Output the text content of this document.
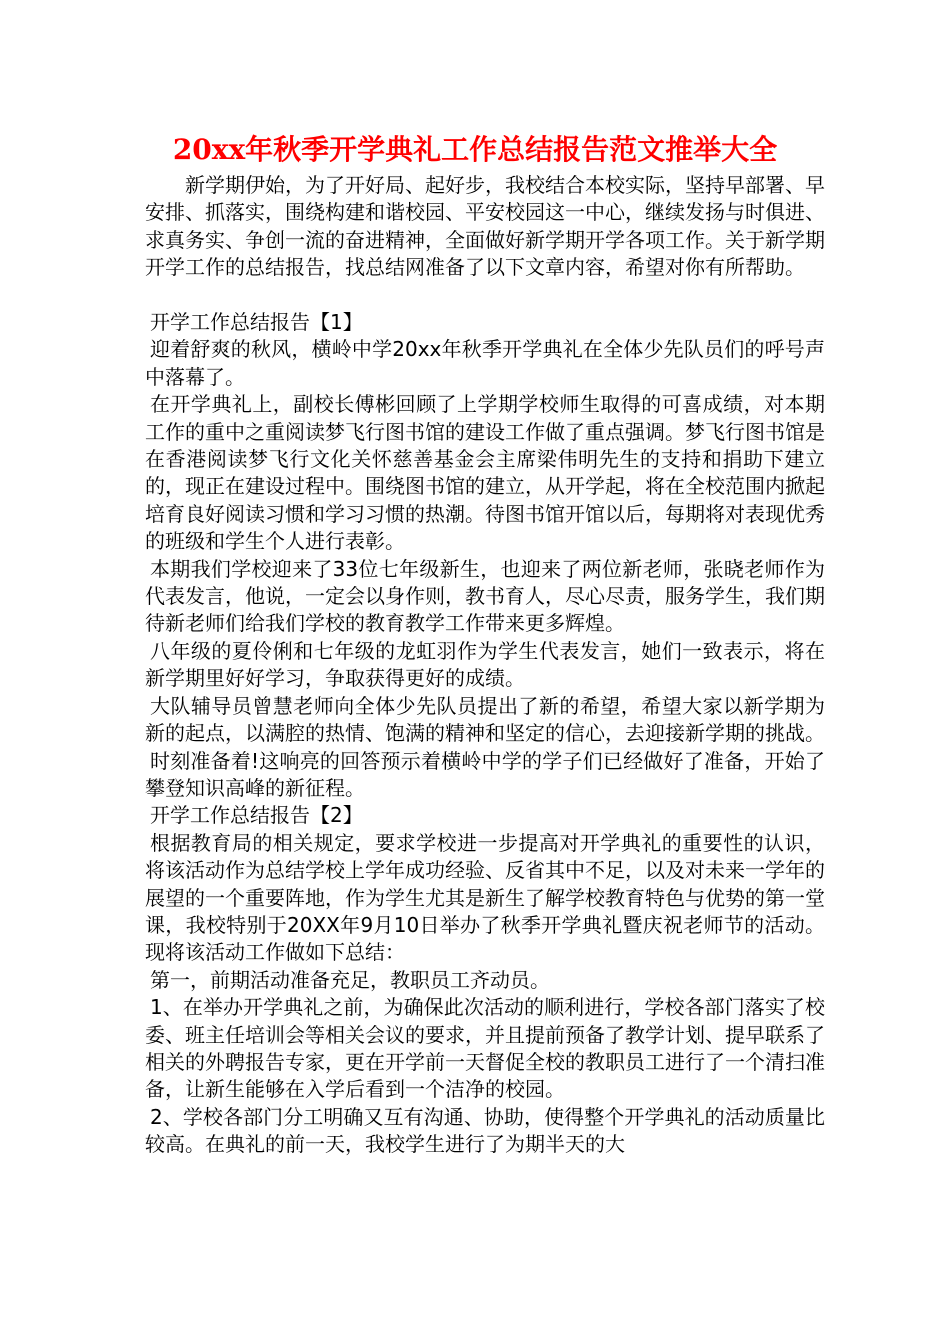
20xx年秋季开学典礼工作总结报告范文推举大全

新学期伊始，为了开好局、起好步，我校结合本校实际，坚持早部署、早安排、抓落实，围绕构建和谐校园、平安校园这一中心，继续发扬与时俱进、求真务实、争创一流的奋进精神，全面做好新学期开学各项工作。关于新学期开学工作的总结报告，找总结网准备了以下文章内容，希望对你有所帮助。

开学工作总结报告【1】

迎着舒爽的秋风，横岭中学20xx年秋季开学典礼在全体少先队员们的呼号声中落幕了。

在开学典礼上，副校长傅彬回顾了上学期学校师生取得的可喜成绩，对本期工作的重中之重阅读梦飞行图书馆的建设工作做了重点强调。梦飞行图书馆是在香港阅读梦飞行文化关怀慈善基金会主席梁伟明先生的支持和捐助下建立的，现正在建设过程中。围绕图书馆的建立，从开学起，将在全校范围内掀起培育良好阅读习惯和学习习惯的热潮。待图书馆开馆以后，每期将对表现优秀的班级和学生个人进行表彰。

本期我们学校迎来了33位七年级新生，也迎来了两位新老师，张晓老师作为代表发言，他说，一定会以身作则，教书育人，尽心尽责，服务学生，我们期待新老师们给我们学校的教育教学工作带来更多辉煌。

八年级的夏伶俐和七年级的龙虹羽作为学生代表发言，她们一致表示，将在新学期里好好学习，争取获得更好的成绩。

大队辅导员曾慧老师向全体少先队员提出了新的希望，希望大家以新学期为新的起点，以满腔的热情、饱满的精神和坚定的信心，去迎接新学期的挑战。

时刻准备着!这响亮的回答预示着横岭中学的学子们已经做好了准备，开始了攀登知识高峰的新征程。

开学工作总结报告【2】

根据教育局的相关规定，要求学校进一步提高对开学典礼的重要性的认识，将该活动作为总结学校上学年成功经验、反省其中不足，以及对未来一学年的展望的一个重要阵地，作为学生尤其是新生了解学校教育特色与优势的第一堂课，我校特别于20XX年9月10日举办了秋季开学典礼暨庆祝老师节的活动。现将该活动工作做如下总结：

第一，前期活动准备充足，教职员工齐动员。

1、在举办开学典礼之前，为确保此次活动的顺利进行，学校各部门落实了校委、班主任培训会等相关会议的要求，并且提前预备了教学计划、提早联系了相关的外聘报告专家，更在开学前一天督促全校的教职员工进行了一个清扫准备，让新生能够在入学后看到一个洁净的校园。

2、学校各部门分工明确又互有沟通、协助，使得整个开学典礼的活动质量比较高。在典礼的前一天，我校学生进行了为期半天的大
